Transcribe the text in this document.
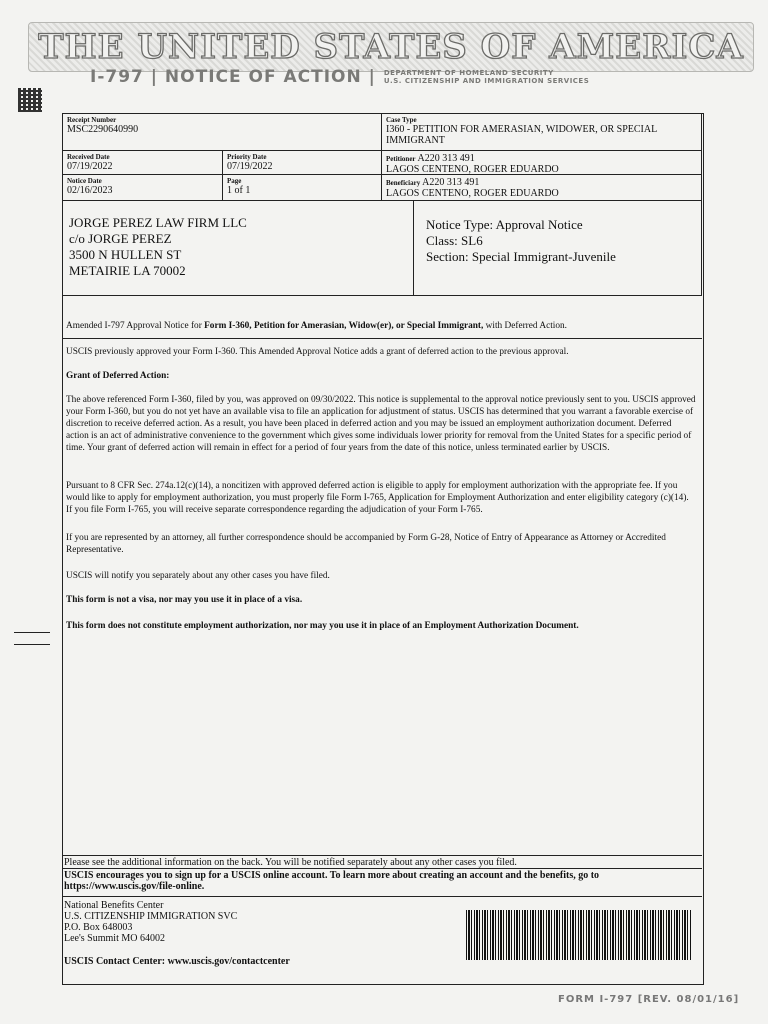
THE UNITED STATES OF AMERICA
I-797 | NOTICE OF ACTION | DEPARTMENT OF HOMELAND SECURITY
U.S. CITIZENSHIP AND IMMIGRATION SERVICES
Receipt Number
MSC2290640990
Case Type
I360 - PETITION FOR AMERASIAN, WIDOWER, OR SPECIAL IMMIGRANT
Received Date
07/19/2022
Priority Date
07/19/2022
Petitioner A220 313 491
LAGOS CENTENO, ROGER EDUARDO
Notice Date
02/16/2023
Page
1 of 1
Beneficiary A220 313 491
LAGOS CENTENO, ROGER EDUARDO
JORGE PEREZ LAW FIRM LLC
c/o JORGE PEREZ
3500 N HULLEN ST
METAIRIE LA 70002
Notice Type: Approval Notice
Class: SL6
Section: Special Immigrant-Juvenile
Amended I-797 Approval Notice for Form I-360, Petition for Amerasian, Widow(er), or Special Immigrant, with Deferred Action.
USCIS previously approved your Form I-360. This Amended Approval Notice adds a grant of deferred action to the previous approval.
Grant of Deferred Action:
The above referenced Form I-360, filed by you, was approved on 09/30/2022. This notice is supplemental to the approval notice previously sent to you. USCIS approved your Form I-360, but you do not yet have an available visa to file an application for adjustment of status. USCIS has determined that you warrant a favorable exercise of discretion to receive deferred action. As a result, you have been placed in deferred action and you may be issued an employment authorization document. Deferred action is an act of administrative convenience to the government which gives some individuals lower priority for removal from the United States for a specific period of time. Your grant of deferred action will remain in effect for a period of four years from the date of this notice, unless terminated earlier by USCIS.
Pursuant to 8 CFR Sec. 274a.12(c)(14), a noncitizen with approved deferred action is eligible to apply for employment authorization with the appropriate fee. If you would like to apply for employment authorization, you must properly file Form I-765, Application for Employment Authorization and enter eligibility category (c)(14). If you file Form I-765, you will receive separate correspondence regarding the adjudication of your Form I-765.
If you are represented by an attorney, all further correspondence should be accompanied by Form G-28, Notice of Entry of Appearance as Attorney or Accredited Representative.
USCIS will notify you separately about any other cases you have filed.
This form is not a visa, nor may you use it in place of a visa.
This form does not constitute employment authorization, nor may you use it in place of an Employment Authorization Document.
Please see the additional information on the back. You will be notified separately about any other cases you filed.
USCIS encourages you to sign up for a USCIS online account. To learn more about creating an account and the benefits, go to https://www.uscis.gov/file-online.
National Benefits Center
U.S. CITIZENSHIP IMMIGRATION SVC
P.O. Box 648003
Lee's Summit MO 64002
USCIS Contact Center: www.uscis.gov/contactcenter
FORM I-797 [REV. 08/01/16]
